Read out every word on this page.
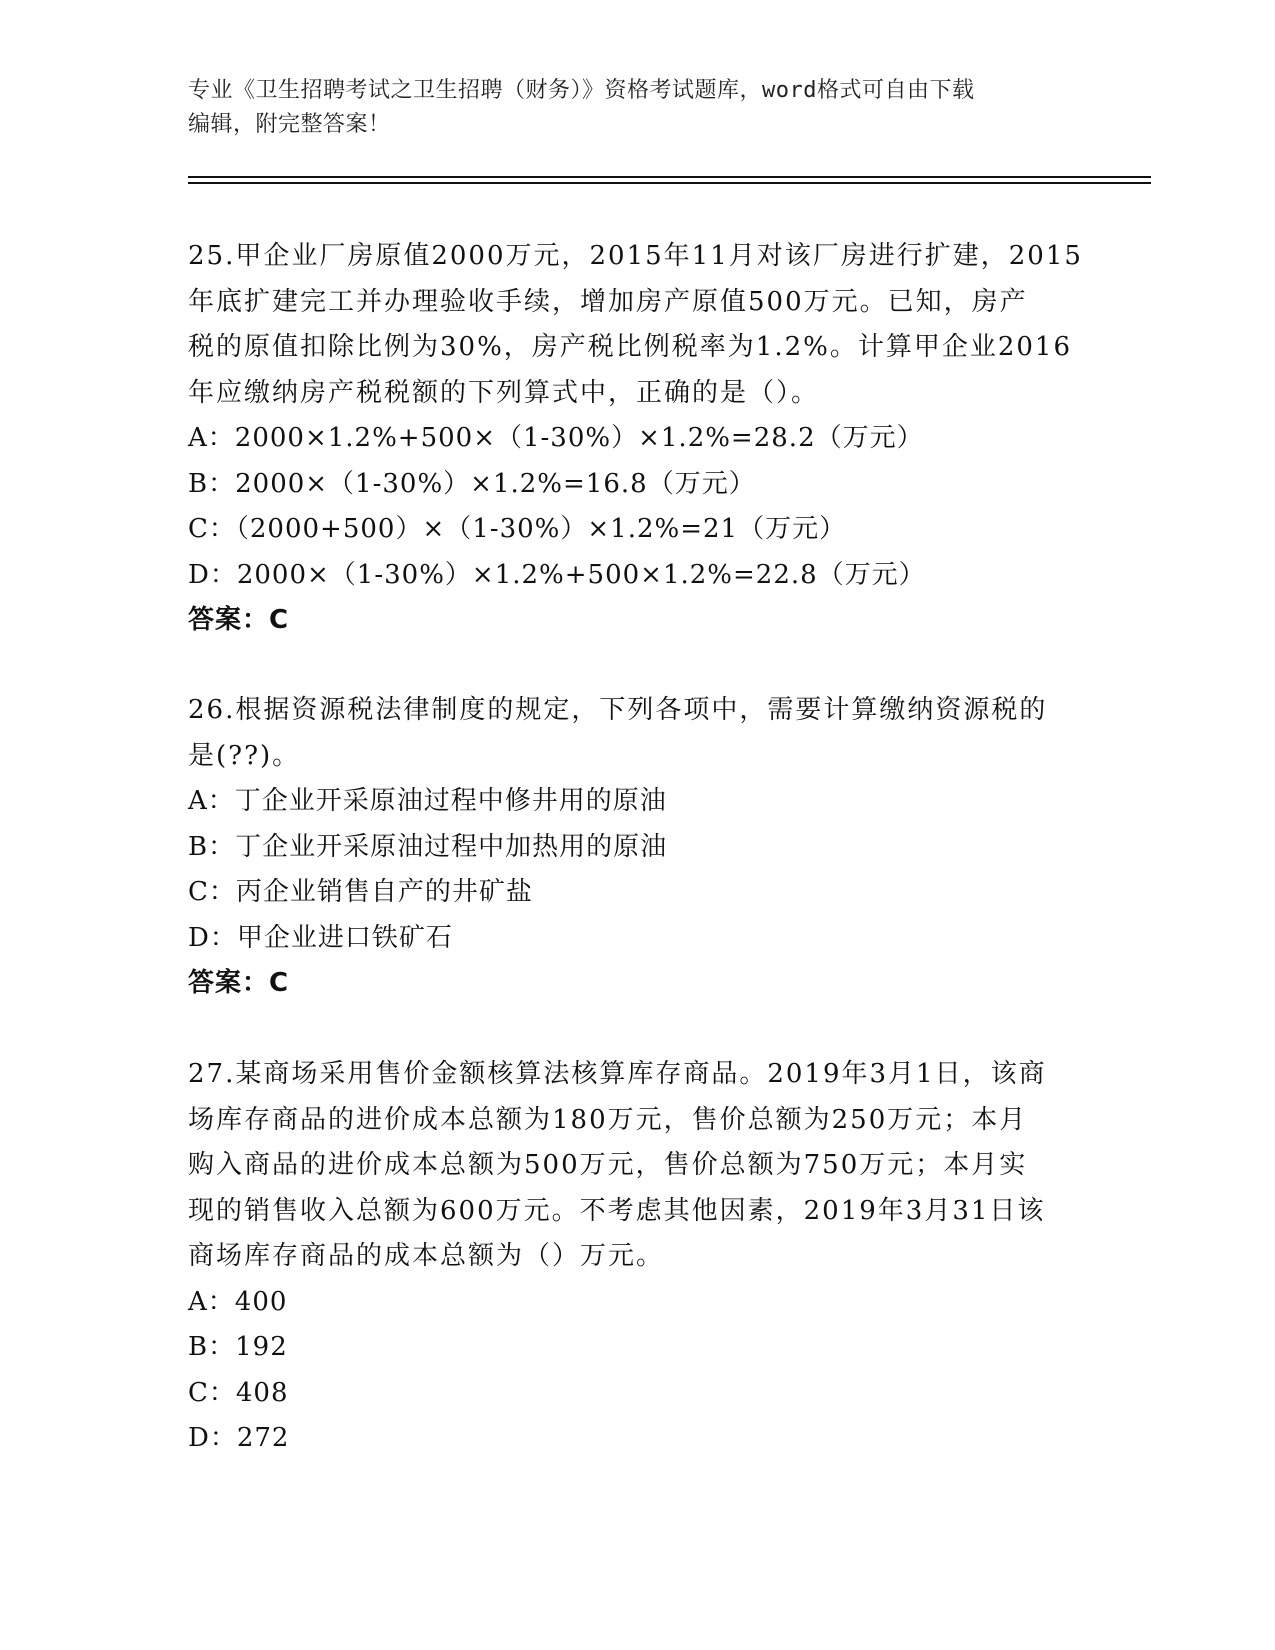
专业《卫生招聘考试之卫生招聘（财务）》资格考试题库，word格式可自由下载
编辑，附完整答案！
25.甲企业厂房原值2000万元，2015年11月对该厂房进行扩建，2015
年底扩建完工并办理验收手续，增加房产原值500万元。已知，房产
税的原值扣除比例为30%，房产税比例税率为1.2%。计算甲企业2016
年应缴纳房产税税额的下列算式中，正确的是（）。
A：2000×1.2%+500×（1-30%）×1.2%=28.2（万元）
B：2000×（1-30%）×1.2%=16.8（万元）
C：（2000+500）×（1-30%）×1.2%=21（万元）
D：2000×（1-30%）×1.2%+500×1.2%=22.8（万元）
答案：C
26.根据资源税法律制度的规定，下列各项中，需要计算缴纳资源税的
是(??)。
A：丁企业开采原油过程中修井用的原油
B：丁企业开采原油过程中加热用的原油
C：丙企业销售自产的井矿盐
D：甲企业进口铁矿石
答案：C
27.某商场采用售价金额核算法核算库存商品。2019年3月1日，该商
场库存商品的进价成本总额为180万元，售价总额为250万元；本月
购入商品的进价成本总额为500万元，售价总额为750万元；本月实
现的销售收入总额为600万元。不考虑其他因素，2019年3月31日该
商场库存商品的成本总额为（）万元。
A：400
B：192
C：408
D：272
